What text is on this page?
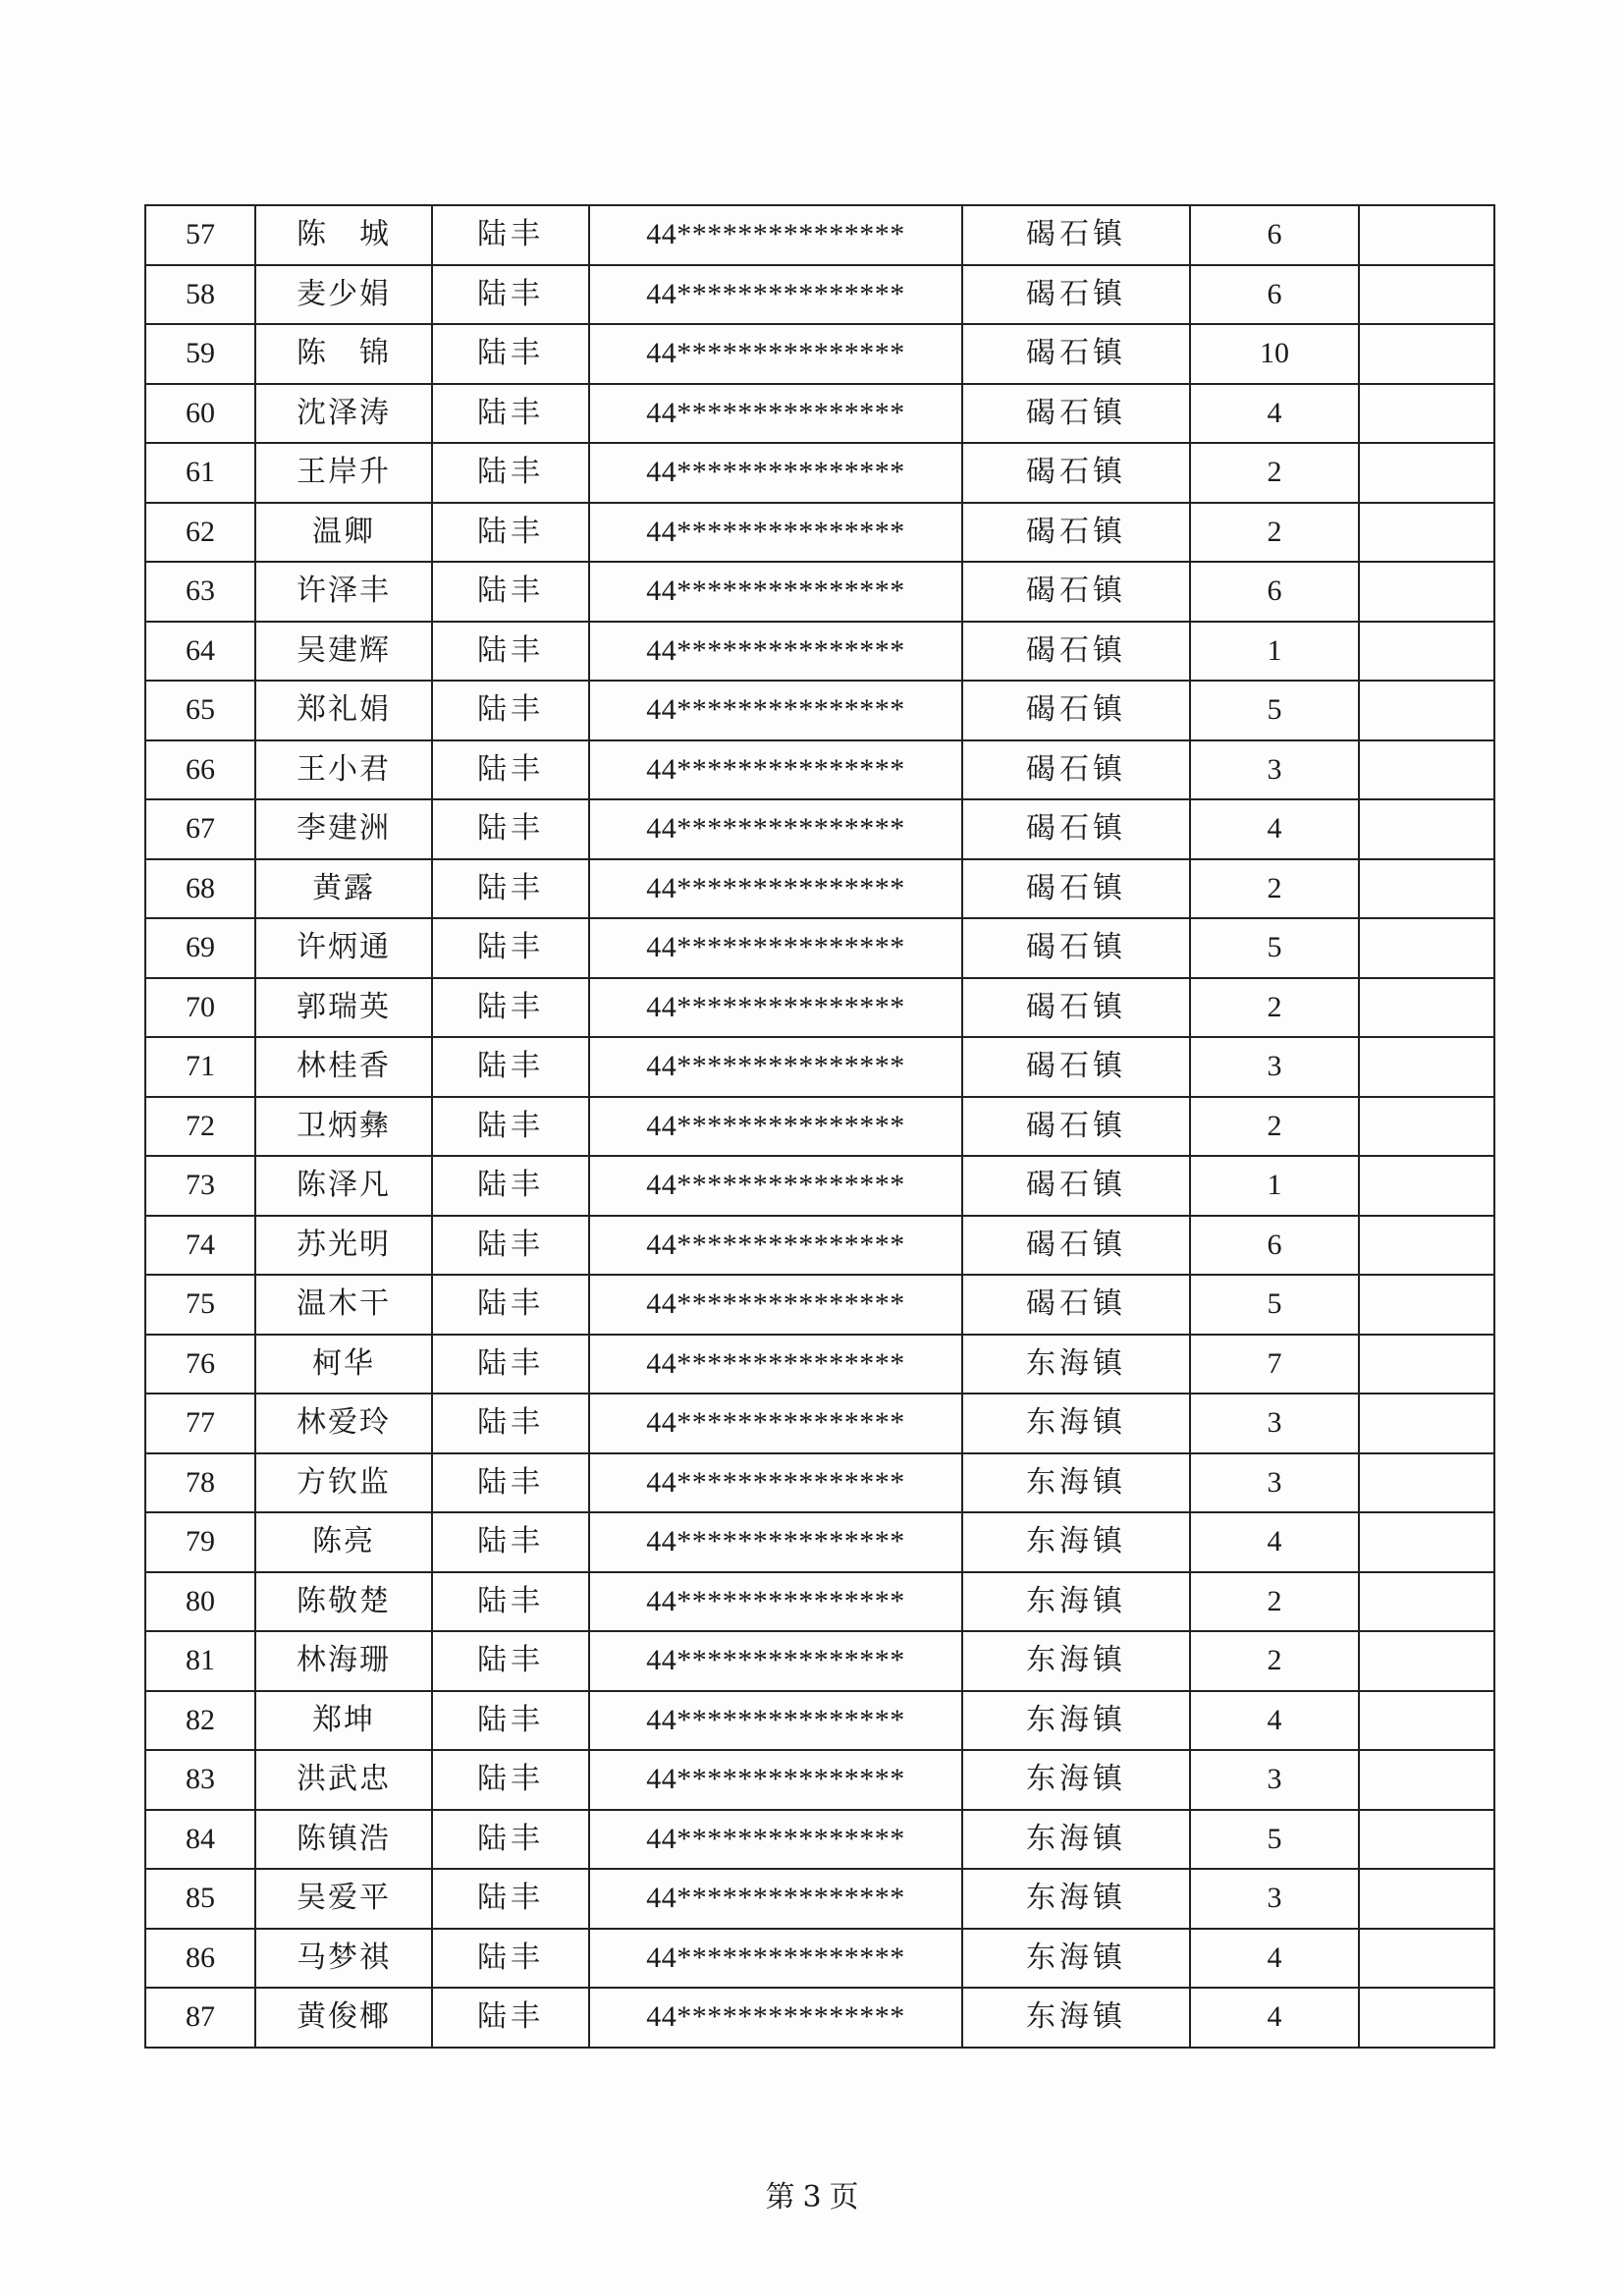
57	陈　城	陆丰	44***************	碣石镇	6	
58	麦少娟	陆丰	44***************	碣石镇	6	
59	陈　锦	陆丰	44***************	碣石镇	10	
60	沈泽涛	陆丰	44***************	碣石镇	4	
61	王岸升	陆丰	44***************	碣石镇	2	
62	温卿	陆丰	44***************	碣石镇	2	
63	许泽丰	陆丰	44***************	碣石镇	6	
64	吴建辉	陆丰	44***************	碣石镇	1	
65	郑礼娟	陆丰	44***************	碣石镇	5	
66	王小君	陆丰	44***************	碣石镇	3	
67	李建洲	陆丰	44***************	碣石镇	4	
68	黄露	陆丰	44***************	碣石镇	2	
69	许炳通	陆丰	44***************	碣石镇	5	
70	郭瑞英	陆丰	44***************	碣石镇	2	
71	林桂香	陆丰	44***************	碣石镇	3	
72	卫炳彝	陆丰	44***************	碣石镇	2	
73	陈泽凡	陆丰	44***************	碣石镇	1	
74	苏光明	陆丰	44***************	碣石镇	6	
75	温木干	陆丰	44***************	碣石镇	5	
76	柯华	陆丰	44***************	东海镇	7	
77	林爱玲	陆丰	44***************	东海镇	3	
78	方钦监	陆丰	44***************	东海镇	3	
79	陈亮	陆丰	44***************	东海镇	4	
80	陈敬楚	陆丰	44***************	东海镇	2	
81	林海珊	陆丰	44***************	东海镇	2	
82	郑坤	陆丰	44***************	东海镇	4	
83	洪武忠	陆丰	44***************	东海镇	3	
84	陈镇浩	陆丰	44***************	东海镇	5	
85	吴爱平	陆丰	44***************	东海镇	3	
86	马梦祺	陆丰	44***************	东海镇	4	
87	黄俊椰	陆丰	44***************	东海镇	4	
第 3 页
